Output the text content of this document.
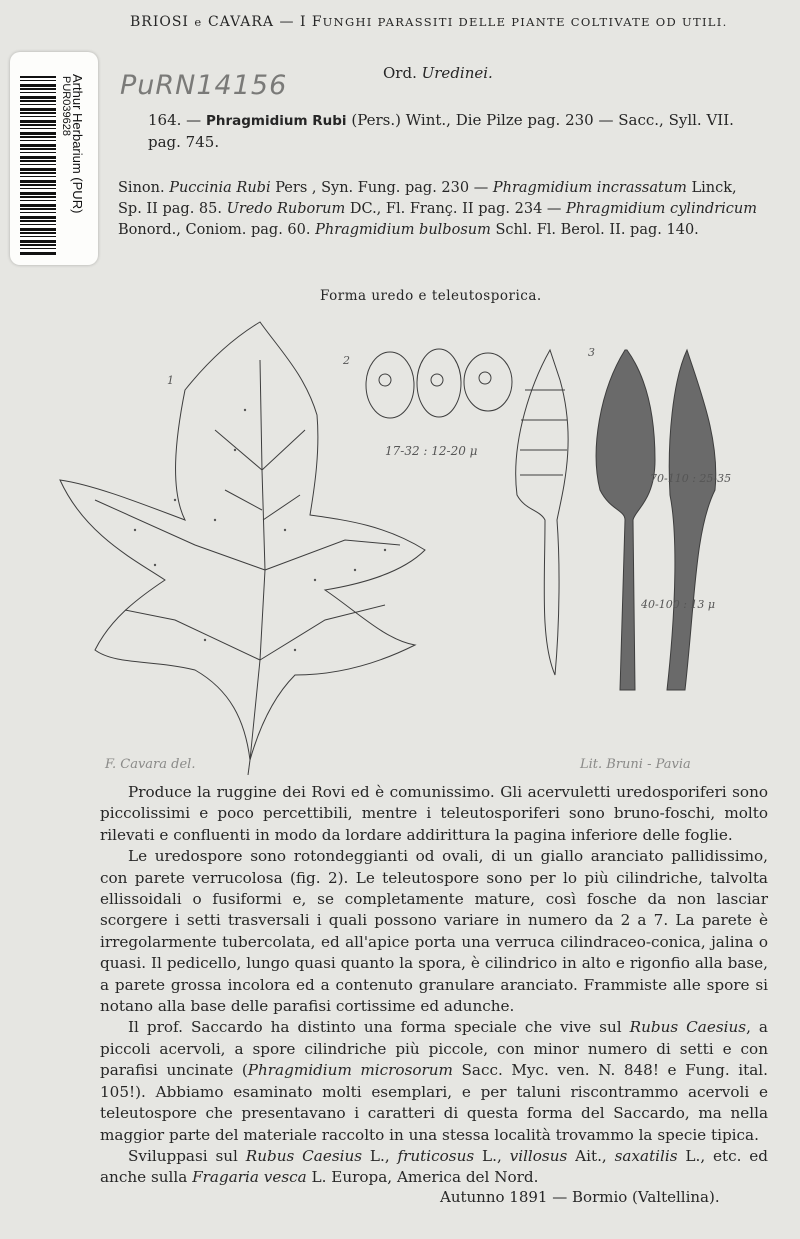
BRIOSI e CAVARA — I FUNGHI PARASSITI DELLE PIANTE COLTIVATE OD UTILI.
Arthur Herbarium (PUR)
PUR039628 PuRN14156	Ord. Uredinei.
164. — Phragmidium Rubi (Pers.) Wint., Die Pilze pag. 230 — Sacc., Syll. VII. pag. 745.
Sinon. Puccinia Rubi Pers , Syn. Fung. pag. 230 — Phragmidium incrassatum Linck, Sp. II pag. 85. Uredo Ruborum DC., Fl. Franç. II pag. 234 — Phragmidium cylindricum Bonord., Coniom. pag. 60. Phragmidium bulbosum Schl. Fl. Berol. II. pag. 140.
Forma uredo e teleutosporica.
1
2
3
17-32 : 12-20 μ
70-110 : 25-35
40-100 : 13 μ
F. Cavara del.	Lit. Bruni - Pavia

Produce la ruggine dei Rovi ed è comunissimo. Gli acervuletti uredosporiferi sono piccolissimi e poco percettibili, mentre i teleutosporiferi sono bruno-foschi, molto rilevati e confluenti in modo da lordare addirittura la pagina inferiore delle foglie.

Le uredospore sono rotondeggianti od ovali, di un giallo aranciato pallidissimo, con parete verrucolosa (fig. 2). Le teleutospore sono per lo più cilindriche, talvolta ellissoidali o fusiformi e, se completamente mature, così fosche da non lasciar scorgere i setti trasversali i quali possono variare in numero da 2 a 7. La parete è irregolarmente tubercolata, ed all'apice porta una verruca cilindraceo-conica, jalina o quasi. Il pedicello, lungo quasi quanto la spora, è cilindrico in alto e rigonfio alla base, a parete grossa incolora ed a contenuto granulare aranciato. Frammiste alle spore si notano alla base delle parafisi cortissime ed adunche.

Il prof. Saccardo ha distinto una forma speciale che vive sul Rubus Caesius, a piccoli acervoli, a spore cilindriche più piccole, con minor numero di setti e con parafisi uncinate (Phragmidium microsorum Sacc. Myc. ven. N. 848! e Fung. ital. 105!). Abbiamo esaminato molti esemplari, e per taluni riscontrammo acervoli e teleutospore che presentavano i caratteri di questa forma del Saccardo, ma nella maggior parte del materiale raccolto in una stessa località trovammo la specie tipica.

Sviluppasi sul Rubus Caesius L., fruticosus L., villosus Ait., saxatilis L., etc. ed anche sulla Fragaria vesca L. Europa, America del Nord.

Autunno 1891 — Bormio (Valtellina).
